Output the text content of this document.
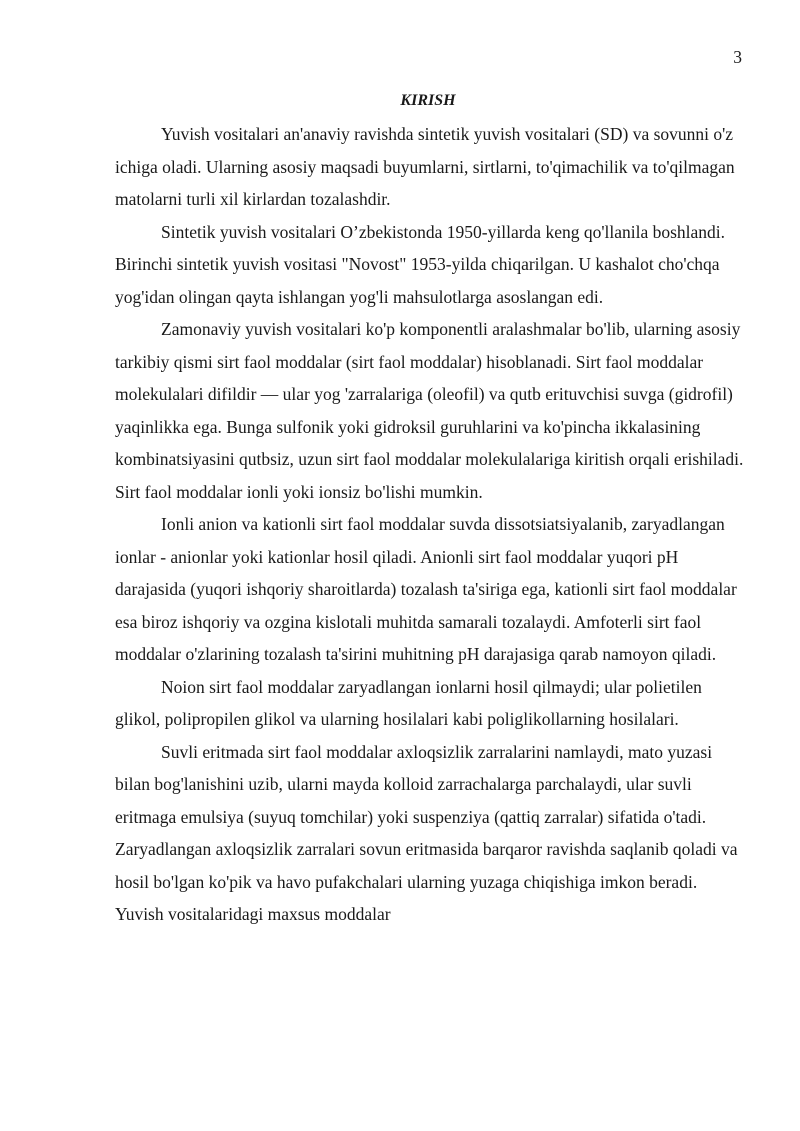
3
KIRISH

Yuvish vositalari an'anaviy ravishda sintetik yuvish vositalari (SD) va sovunni o'z ichiga oladi. Ularning asosiy maqsadi buyumlarni, sirtlarni, to'qimachilik va to'qilmagan matolarni turli xil kirlardan tozalashdir.

Sintetik yuvish vositalari O’zbekistonda 1950-yillarda keng qo'llanila boshlandi. Birinchi sintetik yuvish vositasi "Novost" 1953-yilda chiqarilgan. U kashalot cho'chqa yog'idan olingan qayta ishlangan yog'li mahsulotlarga asoslangan edi.

Zamonaviy yuvish vositalari ko'p komponentli aralashmalar bo'lib, ularning asosiy tarkibiy qismi sirt faol moddalar (sirt faol moddalar) hisoblanadi. Sirt faol moddalar molekulalari difildir — ular yog 'zarralariga (oleofil) va qutb erituvchisi suvga (gidrofil) yaqinlikka ega. Bunga sulfonik yoki gidroksil guruhlarini va ko'pincha ikkalasining kombinatsiyasini qutbsiz, uzun sirt faol moddalar molekulalariga kiritish orqali erishiladi. Sirt faol moddalar ionli yoki ionsiz bo'lishi mumkin.

Ionli anion va kationli sirt faol moddalar suvda dissotsiatsiyalanib, zaryadlangan ionlar - anionlar yoki kationlar hosil qiladi. Anionli sirt faol moddalar yuqori pH darajasida (yuqori ishqoriy sharoitlarda) tozalash ta'siriga ega, kationli sirt faol moddalar esa biroz ishqoriy va ozgina kislotali muhitda samarali tozalaydi. Amfoterli sirt faol moddalar o'zlarining tozalash ta'sirini muhitning pH darajasiga qarab namoyon qiladi.

Noion sirt faol moddalar zaryadlangan ionlarni hosil qilmaydi; ular polietilen glikol, polipropilen glikol va ularning hosilalari kabi poliglikollarning hosilalari.

Suvli eritmada sirt faol moddalar axloqsizlik zarralarini namlaydi, mato yuzasi bilan bog'lanishini uzib, ularni mayda kolloid zarrachalarga parchalaydi, ular suvli eritmaga emulsiya (suyuq tomchilar) yoki suspenziya (qattiq zarralar) sifatida o'tadi. Zaryadlangan axloqsizlik zarralari sovun eritmasida barqaror ravishda saqlanib qoladi va hosil bo'lgan ko'pik va havo pufakchalari ularning yuzaga chiqishiga imkon beradi. Yuvish vositalaridagi maxsus moddalar
